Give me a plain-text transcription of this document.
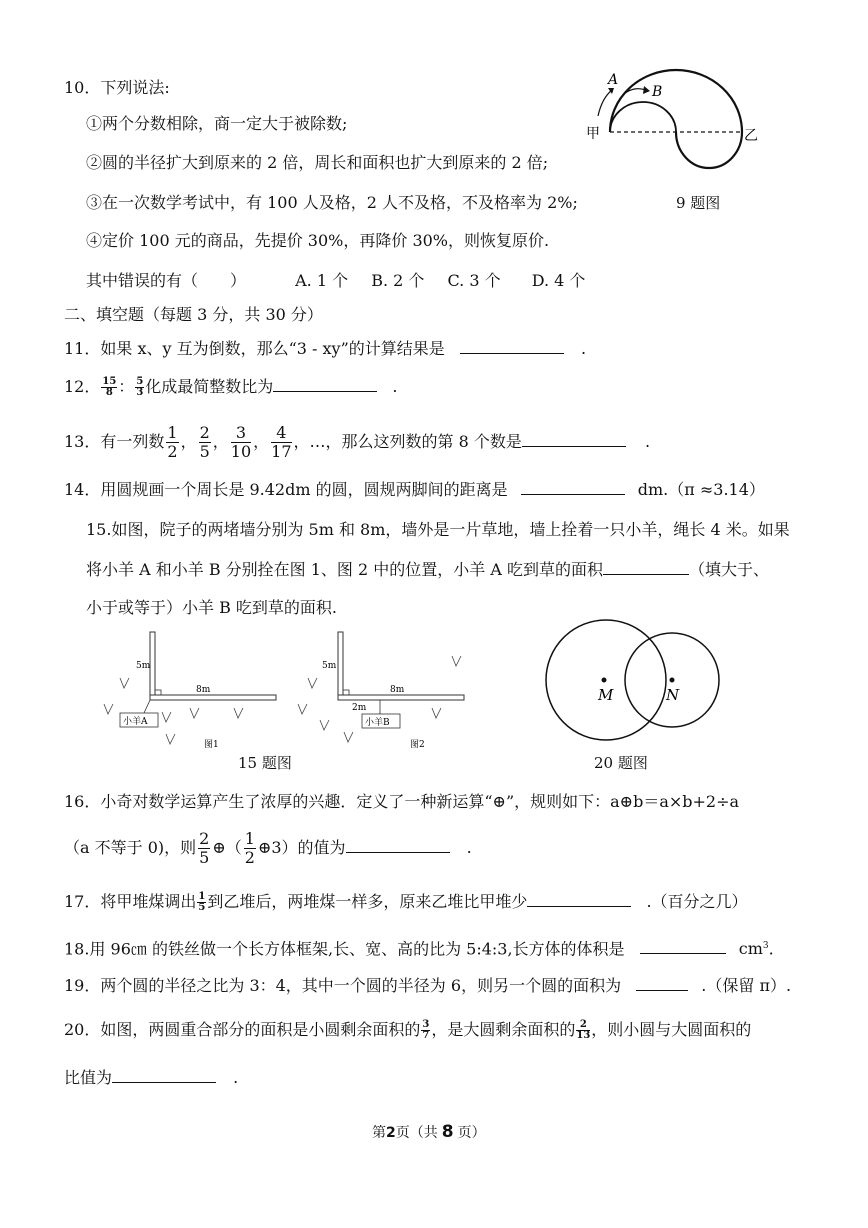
10．下列说法:
①两个分数相除，商一定大于被除数;
②圆的半径扩大到原来的 2 倍，周长和面积也扩大到原来的 2 倍;
③在一次数学考试中，有 100 人及格，2 人不及格，不及格率为 2%;
④定价 100 元的商品，先提价 30%，再降价 30%，则恢复原价.
其中错误的有（　　）	A. 1 个 B. 2 个 C. 3 个 D. 4 个
A
B
甲	乙
9 题图
二、填空题（每题 3 分，共 30 分）
11．如果 x、y 互为倒数，那么“3 - xy”的计算结果是	.
12． $\frac{15}{8}$ ： $\frac{5}{3}$ 化成最简整数比为	.
13．有一列数 $\frac{1}{2}$ ， $\frac{2}{5}$ ， $\frac{3}{10}$ ， $\frac{4}{17}$ ，…，那么这列数的第 8 个数是	.
14．用圆规画一个周长是 9.42dm 的圆，圆规两脚间的距离是	dm.（π ≈3.14）
15.如图，院子的两堵墙分别为 5m 和 8m，墙外是一片草地，墙上拴着一只小羊，绳长 4 米。如果
将小羊 A 和小羊 B 分别拴在图 1、图 2 中的位置，小羊 A 吃到草的面积	（填大于、
小于或等于）小羊 B 吃到草的面积.
5m
8m
小羊A
图1
5m
8m
2m
小羊B
图2
15 题图
M	N
20 题图
16．小奇对数学运算产生了浓厚的兴趣．定义了一种新运算“⊕”，规则如下：a⊕b＝a×b+2÷a
（a 不等于 0)，则 $\frac{2}{5}$ ⊕（ $\frac{1}{2}$ ⊕3）的值为	.
17．将甲堆煤调出 $\frac{1}{5}$ 到乙堆后，两堆煤一样多，原来乙堆比甲堆少	.（百分之几）
18.用 96㎝ 的铁丝做一个长方体框架,长、宽、高的比为 5:4:3,长方体的体积是	$cm^3$.
19．两个圆的半径之比为 3：4，其中一个圆的半径为 6，则另一个圆的面积为	.（保留 π）.
20．如图，两圆重合部分的面积是小圆剩余面积的 $\frac{3}{7}$ ，是大圆剩余面积的 $\frac{2}{13}$ ，则小圆与大圆面积的
比值为	.
第2页（共 8 页）
